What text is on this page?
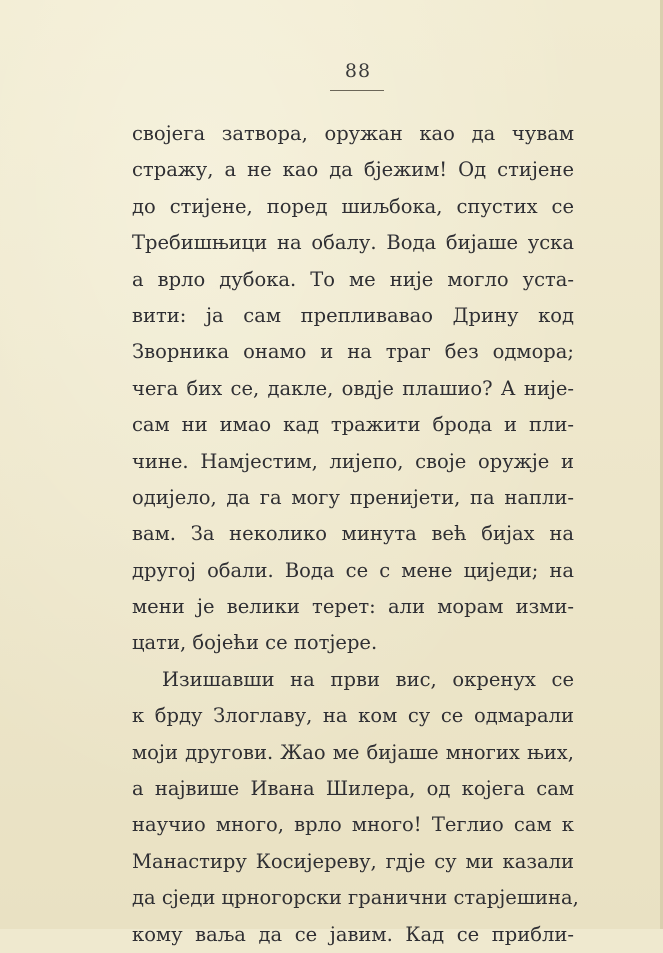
88
својега затвора, оружан као да чувам
стражу, а не као да бјежим! Од стијене
до стијене, поред шиљбока, спустих се
Требишњици на обалу. Вода бијаше уска
а врло дубока. То ме није могло уста-
вити: ја сам препливавао Дрину код
Зворника онамо и на траг без одмора;
чега бих се, дакле, овдје плашио? А није-
сам ни имао кад тражити брода и пли-
чине. Намјестим, лијепо, своје оружје и
одијело, да га могу пренијети, па напли-
вам. За неколико минута већ бијах на
другој обали. Вода се с мене циједи; на
мени је велики терет: али морам изми-
цати, бојећи се потјере.
Изишавши на први вис, окренух се
к брду Злоглаву, на ком су се одмарали
моји другови. Жао ме бијаше многих њих,
а највише Ивана Шилера, од којега сам
научио много, врло много! Теглио сам к
Манастиру Косијереву, гдје су ми казали
да сједи црногорски гранични старјешина,
кому ваља да се јавим. Кад се прибли-
